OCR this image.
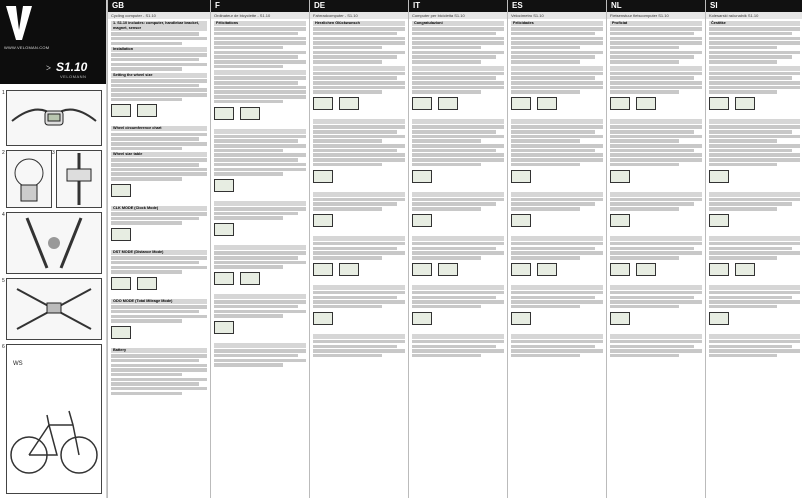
WWW.VELOMAN.COM
> S1.10
VELOMANN
1
2	3
4
5
WS
6
GB
Cycling computer - S1.10
1. S1.10 includes: computer, handlebar bracket, magnet, sensor
Installation
Setting the wheel size
Wheel circumference chart
Wheel size table
CLK MODE (Clock Mode)
DST MODE (Distance Mode)
ODO MODE (Total Mileage Mode)
Battery
F
Ordinateur de bicyclette - S1.10
Félicitations

DE
Fahrradcomputer - S1.10
Herzlichen Glückwunsch

IT
Computer per bicicletta S1.10
Congratulazioni

ES
Velocímetro S1.10
Felicidades

NL
Fietsenstuur fietscomputer S1.10
Proficiat

SI
Kolesarski računalnik S1.10
Čestitke
